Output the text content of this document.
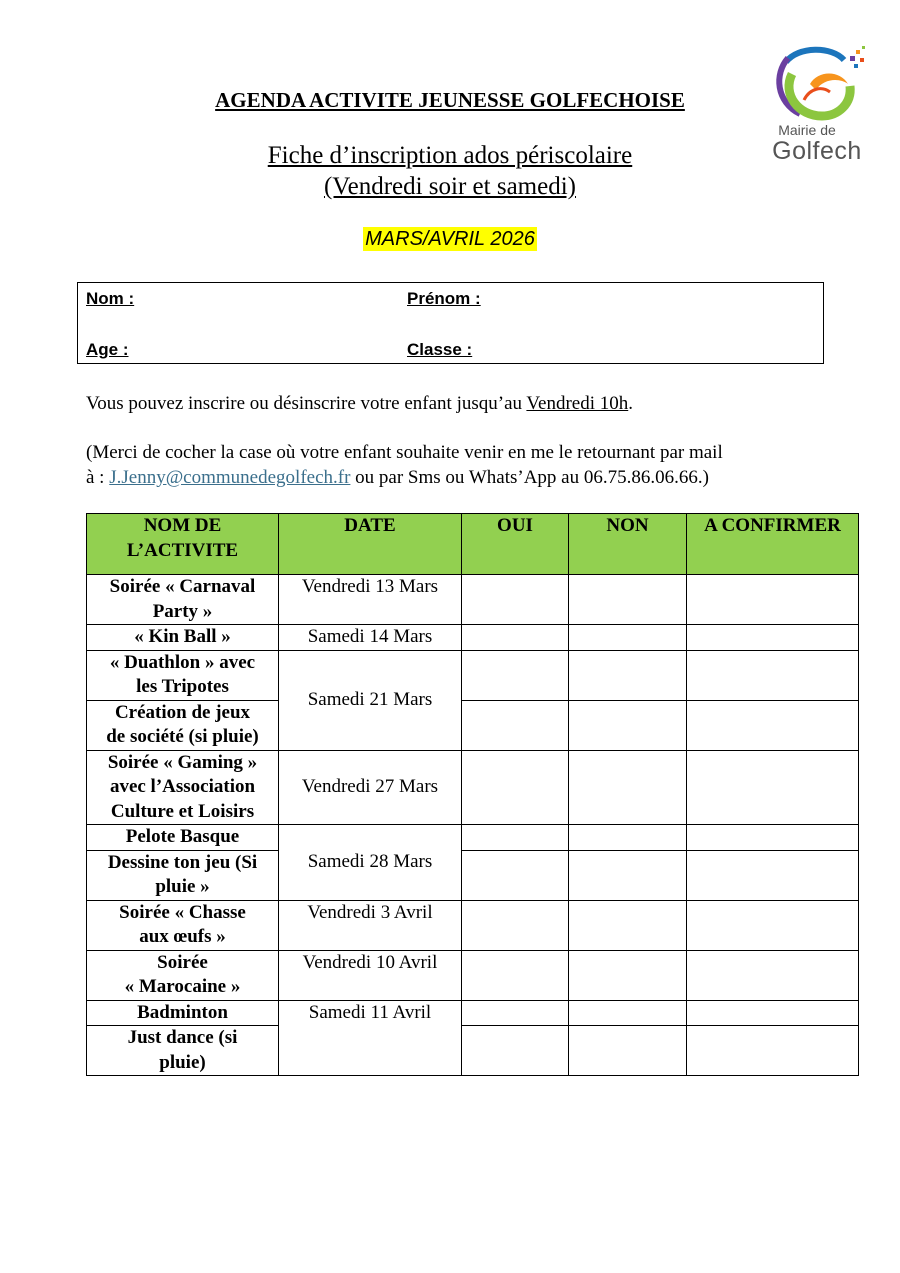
Mairie de
Golfech
AGENDA ACTIVITE JEUNESSE GOLFECHOISE
Fiche d’inscription ados périscolaire
(Vendredi soir et samedi)
MARS/AVRIL 2026
Nom :	Prénom :
Age :	Classe :
Vous pouvez inscrire ou désinscrire votre enfant jusqu’au Vendredi 10h.
(Merci de cocher la case où votre enfant souhaite venir en me le retournant par mail
à : J.Jenny@communedegolfech.fr ou par Sms ou Whats’App au 06.75.86.06.66.)
NOM DE
L’ACTIVITE	DATE	OUI	NON	A CONFIRMER

Soirée « Carnaval
Party »	Vendredi 13 Mars			

« Kin Ball »	Samedi 14 Mars			

« Duathlon » avec
les Tripotes	Samedi 21 Mars			

Création de jeux
de société (si pluie)				

Soirée « Gaming »
avec l’Association
Culture et Loisirs	Vendredi 27 Mars			

Pelote Basque	Samedi 28 Mars			

Dessine ton jeu (Si
pluie »				

Soirée « Chasse
aux œufs »	Vendredi 3 Avril			

Soirée
« Marocaine »	Vendredi 10 Avril			

Badminton	Samedi 11 Avril			

Just dance (si
pluie)				
